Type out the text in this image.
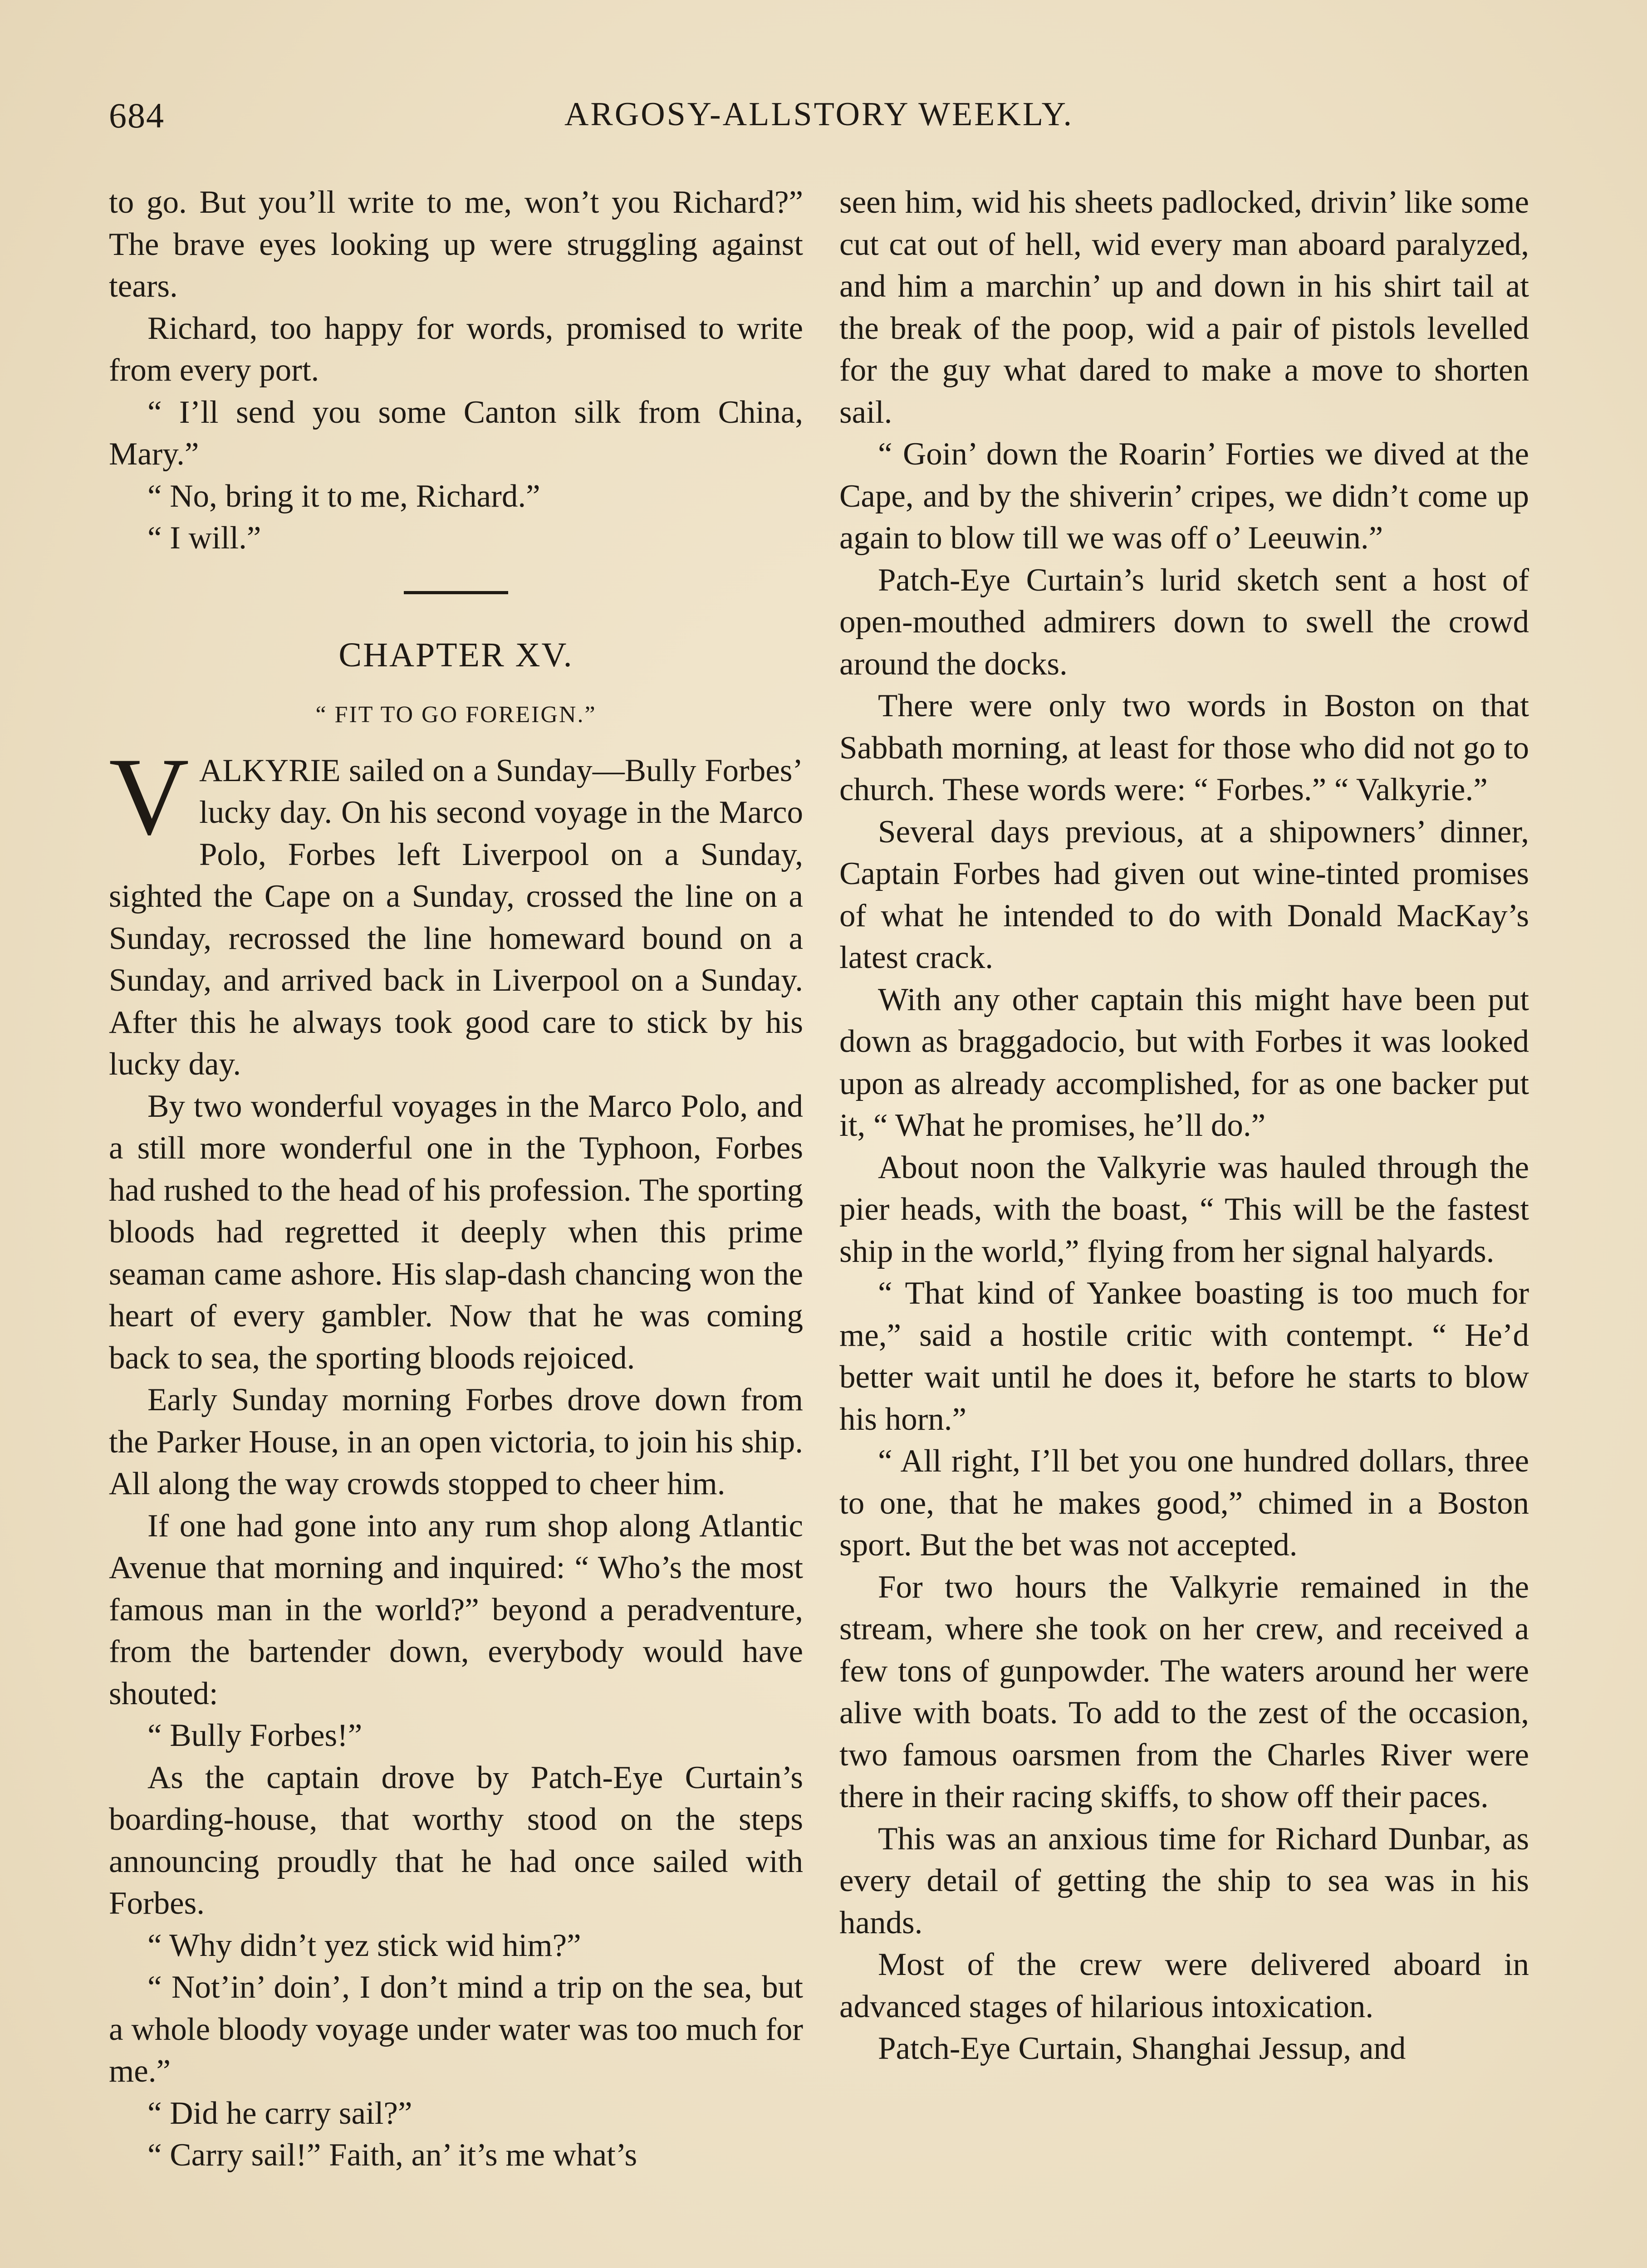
684	ARGOSY-ALLSTORY WEEKLY.

to go. But you’ll write to me, won’t you Richard?” The brave eyes looking up were struggling against tears.

Richard, too happy for words, promised to write from every port.

“ I’ll send you some Canton silk from China, Mary.”

“ No, bring it to me, Richard.”

“ I will.”

CHAPTER XV.
“ FIT TO GO FOREIGN.”

VALKYRIE sailed on a Sunday—Bully Forbes’ lucky day. On his second voyage in the Marco Polo, Forbes left Liverpool on a Sunday, sighted the Cape on a Sunday, crossed the line on a Sunday, recrossed the line homeward bound on a Sunday, and arrived back in Liverpool on a Sunday. After this he always took good care to stick by his lucky day.

By two wonderful voyages in the Marco Polo, and a still more wonderful one in the Typhoon, Forbes had rushed to the head of his profession. The sporting bloods had regretted it deeply when this prime seaman came ashore. His slap-dash chancing won the heart of every gambler. Now that he was coming back to sea, the sporting bloods rejoiced.

Early Sunday morning Forbes drove down from the Parker House, in an open victoria, to join his ship. All along the way crowds stopped to cheer him.

If one had gone into any rum shop along Atlantic Avenue that morning and inquired: “ Who’s the most famous man in the world?” beyond a peradventure, from the bartender down, everybody would have shouted:

“ Bully Forbes!”

As the captain drove by Patch-Eye Curtain’s boarding-house, that worthy stood on the steps announcing proudly that he had once sailed with Forbes.

“ Why didn’t yez stick wid him?”

“ Not’in’ doin’, I don’t mind a trip on the sea, but a whole bloody voyage under water was too much for me.”

“ Did he carry sail?”

“ Carry sail!” Faith, an’ it’s me what’s

seen him, wid his sheets padlocked, drivin’ like some cut cat out of hell, wid every man aboard paralyzed, and him a marchin’ up and down in his shirt tail at the break of the poop, wid a pair of pistols levelled for the guy what dared to make a move to shorten sail.

“ Goin’ down the Roarin’ Forties we dived at the Cape, and by the shiverin’ cripes, we didn’t come up again to blow till we was off o’ Leeuwin.”

Patch-Eye Curtain’s lurid sketch sent a host of open-mouthed admirers down to swell the crowd around the docks.

There were only two words in Boston on that Sabbath morning, at least for those who did not go to church. These words were: “ Forbes.” “ Valkyrie.”

Several days previous, at a shipowners’ dinner, Captain Forbes had given out wine-tinted promises of what he intended to do with Donald MacKay’s latest crack.

With any other captain this might have been put down as braggadocio, but with Forbes it was looked upon as already accomplished, for as one backer put it, “ What he promises, he’ll do.”

About noon the Valkyrie was hauled through the pier heads, with the boast, “ This will be the fastest ship in the world,” flying from her signal halyards.

“ That kind of Yankee boasting is too much for me,” said a hostile critic with contempt. “ He’d better wait until he does it, before he starts to blow his horn.”

“ All right, I’ll bet you one hundred dollars, three to one, that he makes good,” chimed in a Boston sport. But the bet was not accepted.

For two hours the Valkyrie remained in the stream, where she took on her crew, and received a few tons of gunpowder. The waters around her were alive with boats. To add to the zest of the occasion, two famous oarsmen from the Charles River were there in their racing skiffs, to show off their paces.

This was an anxious time for Richard Dunbar, as every detail of getting the ship to sea was in his hands.

Most of the crew were delivered aboard in advanced stages of hilarious intoxication.

Patch-Eye Curtain, Shanghai Jessup, and
